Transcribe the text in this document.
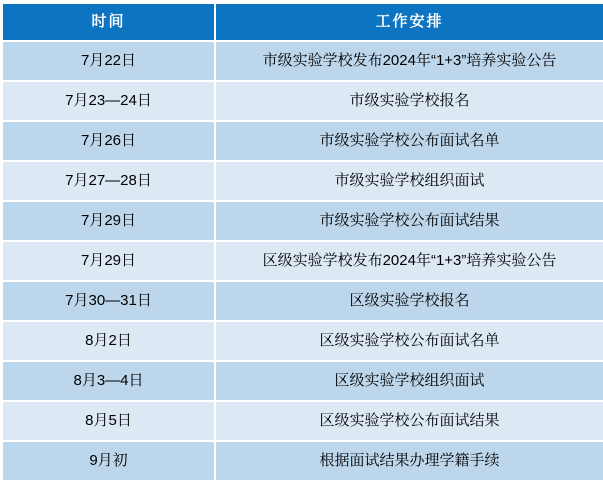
时间	工作安排
7月22日	市级实验学校发布2024年“1+3”培养实验公告
7月23—24日	市级实验学校报名
7月26日	市级实验学校公布面试名单
7月27—28日	市级实验学校组织面试
7月29日	市级实验学校公布面试结果
7月29日	区级实验学校发布2024年“1+3”培养实验公告
7月30—31日	区级实验学校报名
8月2日	区级实验学校公布面试名单
8月3—4日	区级实验学校组织面试
8月5日	区级实验学校公布面试结果
9月初	根据面试结果办理学籍手续
